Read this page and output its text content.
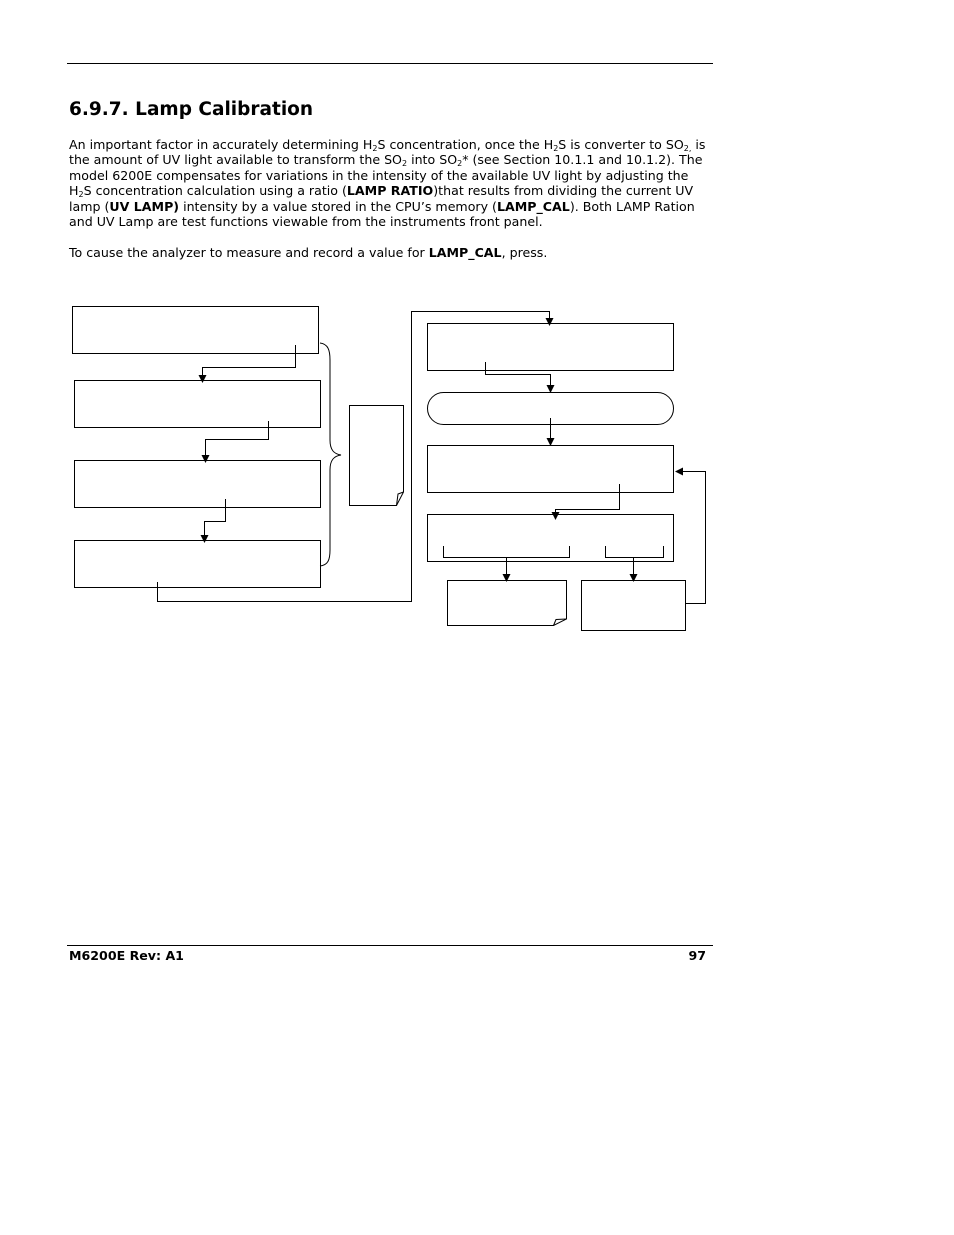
6.9.7. Lamp Calibration

An important factor in accurately determining $H_2S$ concentration, once the $H_2S$ is converter to $SO_{2,}$ is the amount of UV light available to transform the $SO_2$ into $SO_2*$ (see Section 10.1.1 and 10.1.2). The model 6200E compensates for variations in the intensity of the available UV light by adjusting the $H_2S$ concentration calculation using a ratio (LAMP RATIO)that results from dividing the current UV lamp (UV LAMP) intensity by a value stored in the CPU’s memory (LAMP_CAL). Both LAMP Ration and UV Lamp are test functions viewable from the instruments front panel.

To cause the analyzer to measure and record a value for LAMP_CAL, press.

M6200E Rev: A1	97
